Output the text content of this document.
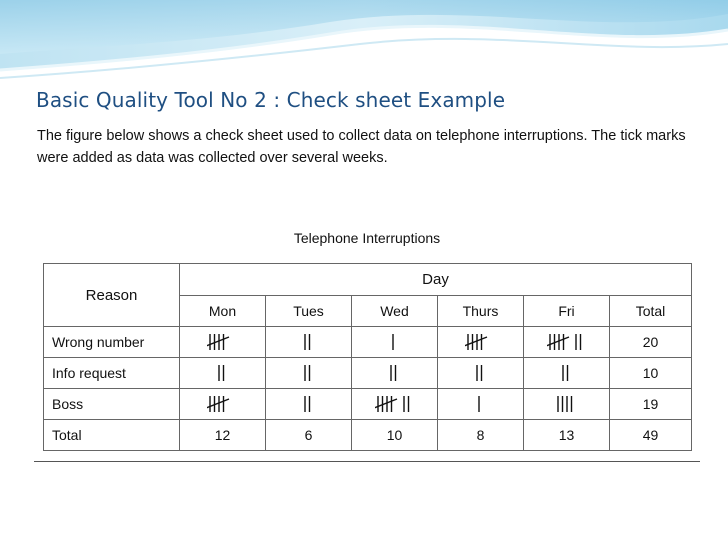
Basic Quality Tool No 2 : Check sheet Example

The figure below shows a check sheet used to collect data on telephone interruptions. The tick marks were added as data was collected over several weeks.

Telephone Interruptions
Reason	Day					
	Mon	Tues	Wed	Thurs	Fri	Total
Wrong number						20
Info request						10
Boss						19
Total	12	6	10	8	13	49
